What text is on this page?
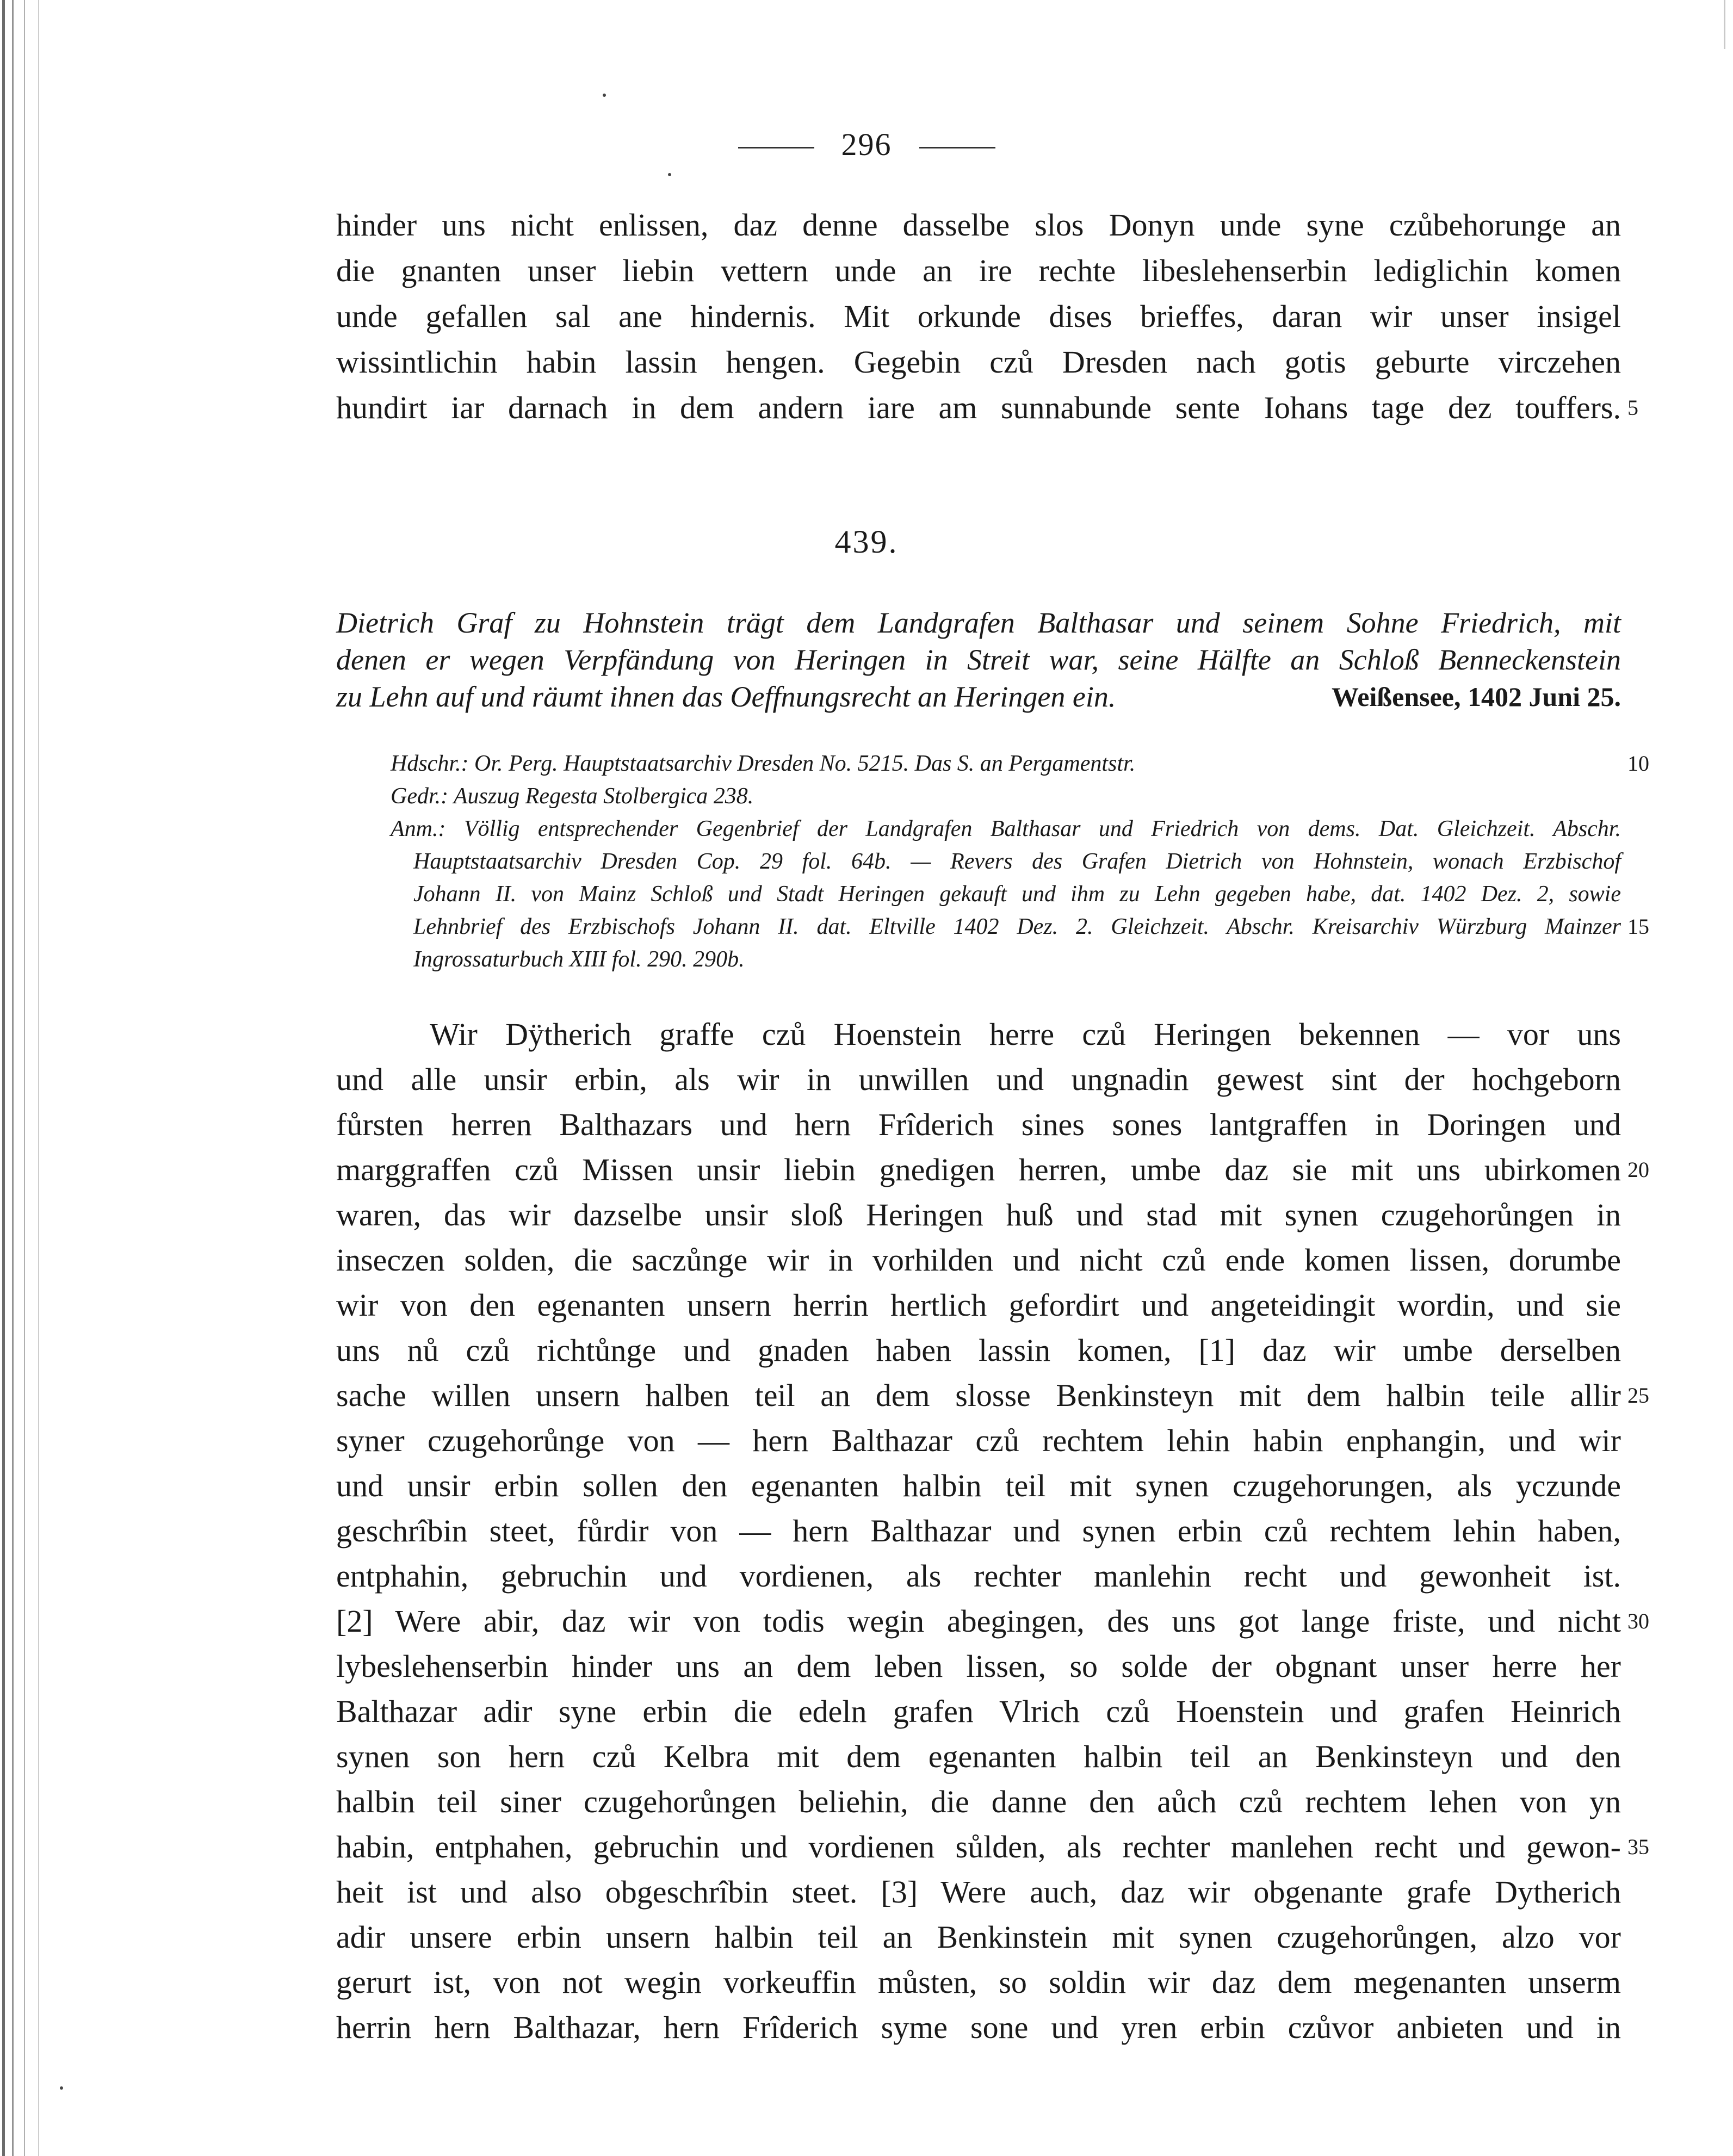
296
hinder uns nicht enlissen, daz denne dasselbe slos Donyn unde syne czůbehorunge an
die gnanten unser liebin vettern unde an ire rechte libeslehenserbin lediglichin komen
unde gefallen sal ane hindernis. Mit orkunde dises brieffes, daran wir unser insigel
wissintlichin habin lassin hengen. Gegebin czů Dresden nach gotis geburte virczehen
hundirt iar darnach in dem andern iare am sunnabunde sente Iohans tage dez touffers. 5
439.
Dietrich Graf zu Hohnstein trägt dem Landgrafen Balthasar und seinem Sohne Friedrich, mit
denen er wegen Verpfändung von Heringen in Streit war, seine Hälfte an Schloß Benneckenstein
zu Lehn auf und räumt ihnen das Oeffnungsrecht an Heringen ein.	Weißensee, 1402 Juni 25.
Hdschr.: Or. Perg. Hauptstaatsarchiv Dresden No. 5215. Das S. an Pergamentstr.	10
Gedr.: Auszug Regesta Stolbergica 238.
Anm.: Völlig entsprechender Gegenbrief der Landgrafen Balthasar und Friedrich von dems. Dat. Gleichzeit. Abschr.
Hauptstaatsarchiv Dresden Cop. 29 fol. 64b. — Revers des Grafen Dietrich von Hohnstein, wonach Erzbischof
Johann II. von Mainz Schloß und Stadt Heringen gekauft und ihm zu Lehn gegeben habe, dat. 1402 Dez. 2, sowie
Lehnbrief des Erzbischofs Johann II. dat. Eltville 1402 Dez. 2. Gleichzeit. Abschr. Kreisarchiv Würzburg Mainzer 15
Ingrossaturbuch XIII fol. 290. 290b.
Wir Dÿtherich graffe czů Hoenstein herre czů Heringen bekennen — vor uns
und alle unsir erbin, als wir in unwillen und ungnadin gewest sint der hochgeborn
fůrsten herren Balthazars und hern Frîderich sines sones lantgraffen in Doringen und
marggraffen czů Missen unsir liebin gnedigen herren, umbe daz sie mit uns ubirkomen 20
waren, das wir dazselbe unsir sloß Heringen huß und stad mit synen czugehorůngen in
inseczen solden, die saczůnge wir in vorhilden und nicht czů ende komen lissen, dorumbe
wir von den egenanten unsern herrin hertlich gefordirt und angeteidingit wordin, und sie
uns nů czů richtůnge und gnaden haben lassin komen, [1] daz wir umbe derselben
sache willen unsern halben teil an dem slosse Benkinsteyn mit dem halbin teile allir 25
syner czugehorůnge von — hern Balthazar czů rechtem lehin habin enphangin, und wir
und unsir erbin sollen den egenanten halbin teil mit synen czugehorungen, als yczunde
geschrîbin steet, fůrdir von — hern Balthazar und synen erbin czů rechtem lehin haben,
entphahin, gebruchin und vordienen, als rechter manlehin recht und gewonheit ist.
[2] Were abir, daz wir von todis wegin abegingen, des uns got lange friste, und nicht 30
lybeslehenserbin hinder uns an dem leben lissen, so solde der obgnant unser herre her
Balthazar adir syne erbin die edeln grafen Vlrich czů Hoenstein und grafen Heinrich
synen son hern czů Kelbra mit dem egenanten halbin teil an Benkinsteyn und den
halbin teil siner czugehorůngen beliehin, die danne den aůch czů rechtem lehen von yn
habin, entphahen, gebruchin und vordienen sůlden, als rechter manlehen recht und gewon- 35
heit ist und also obgeschrîbin steet. [3] Were auch, daz wir obgenante grafe Dytherich
adir unsere erbin unsern halbin teil an Benkinstein mit synen czugehorůngen, alzo vor
gerurt ist, von not wegin vorkeuffin můsten, so soldin wir daz dem megenanten unserm
herrin hern Balthazar, hern Frîderich syme sone und yren erbin czůvor anbieten und in
